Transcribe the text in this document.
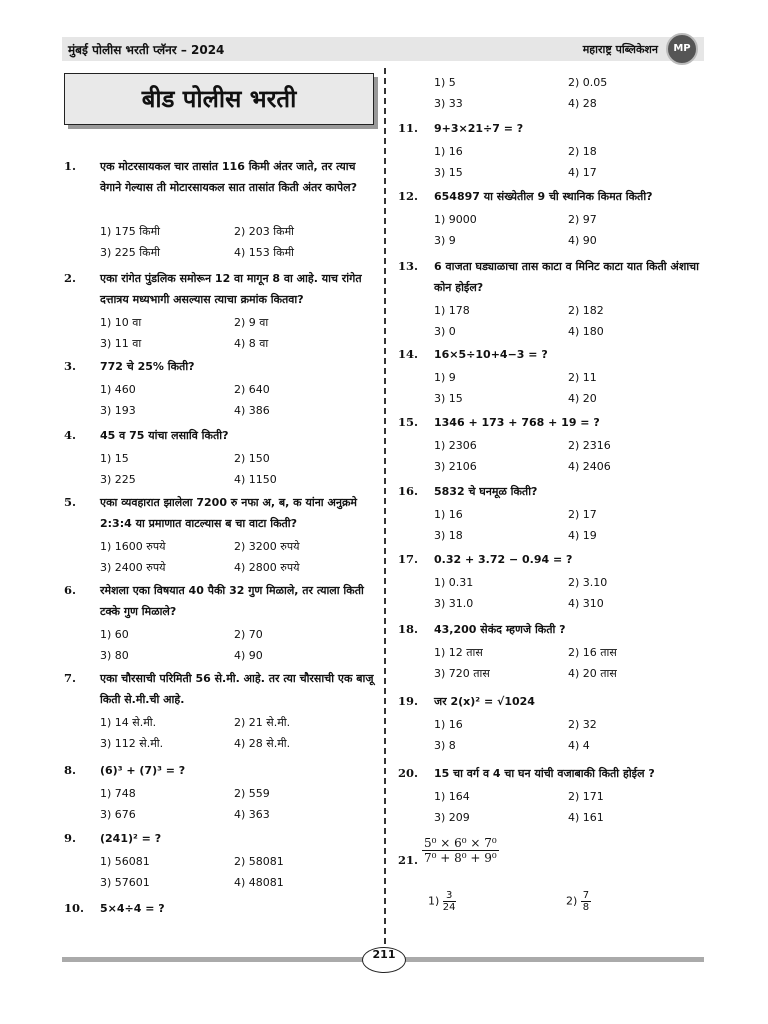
मुंबई पोलीस भरती प्लॅनर – 2024	महाराष्ट्र पब्लिकेशन	MP
बीड पोलीस भरती
1. एक मोटरसायकल चार तासांत 116 किमी अंतर जाते, तर त्याच वेगाने गेल्यास ती मोटारसायकल सात तासांत किती अंतर कापेल?
1) 175 किमी	2) 203 किमी
3) 225 किमी	4) 153 किमी
2. एका रांगेत पुंडलिक समोरून 12 वा मागून 8 वा आहे. याच रांगेत दत्तात्रय मध्यभागी असल्यास त्याचा क्रमांक कितवा?
1) 10 वा	2) 9 वा
3) 11 वा	4) 8 वा
3. 772 चे 25% किती?
1) 460	2) 640
3) 193	4) 386
4. 45 व 75 यांचा लसावि किती?
1) 15	2) 150
3) 225	4) 1150
5. एका व्यवहारात झालेला 7200 रु नफा अ, ब, क यांना अनुक्रमे 2:3:4 या प्रमाणात वाटल्यास ब चा वाटा किती?
1) 1600 रुपये	2) 3200 रुपये
3) 2400 रुपये	4) 2800 रुपये
6. रमेशला एका विषयात 40 पैकी 32 गुण मिळाले, तर त्याला किती टक्के गुण मिळाले?
1) 60	2) 70
3) 80	4) 90
7. एका चौरसाची परिमिती 56 से.मी. आहे. तर त्या चौरसाची एक बाजू किती से.मी.ची आहे.
1) 14 से.मी.	2) 21 से.मी.
3) 112 से.मी.	4) 28 से.मी.
8. (6)³ + (7)³ = ?
1) 748	2) 559
3) 676	4) 363
9. (241)² = ?
1) 56081	2) 58081
3) 57601	4) 48081
10. 5×4÷4 = ?
1) 5	2) 0.05
3) 33	4) 28
11. 9+3×21÷7 = ?
1) 16	2) 18
3) 15	4) 17
12. 654897 या संख्येतील 9 ची स्थानिक किमत किती?
1) 9000	2) 97
3) 9	4) 90
13. 6 वाजता घड्याळाचा तास काटा व मिनिट काटा यात किती अंशाचा कोन होईल?
1) 178	2) 182
3) 0	4) 180
14. 16×5÷10+4−3 = ?
1) 9	2) 11
3) 15	4) 20
15. 1346 + 173 + 768 + 19 = ?
1) 2306	2) 2316
3) 2106	4) 2406
16. 5832 चे घनमूळ किती?
1) 16	2) 17
3) 18	4) 19
17. 0.32 + 3.72 − 0.94 = ?
1) 0.31	2) 3.10
3) 31.0	4) 310
18. 43,200 सेकंद म्हणजे किती ?
1) 12 तास	2) 16 तास
3) 720 तास	4) 20 तास
19. जर 2(x)² = √1024
1) 16	2) 32
3) 8	4) 4
20. 15 चा वर्ग व 4 चा घन यांची वजाबाकी किती होईल ?
1) 164	2) 171
3) 209	4) 161
21. $\frac{\text{5⁰ × 6⁰ × 7⁰}}{\text{7⁰ + 8⁰ + 9⁰}}$
$1) \frac{3}{24}$	$2) \frac{7}{8}$
211
